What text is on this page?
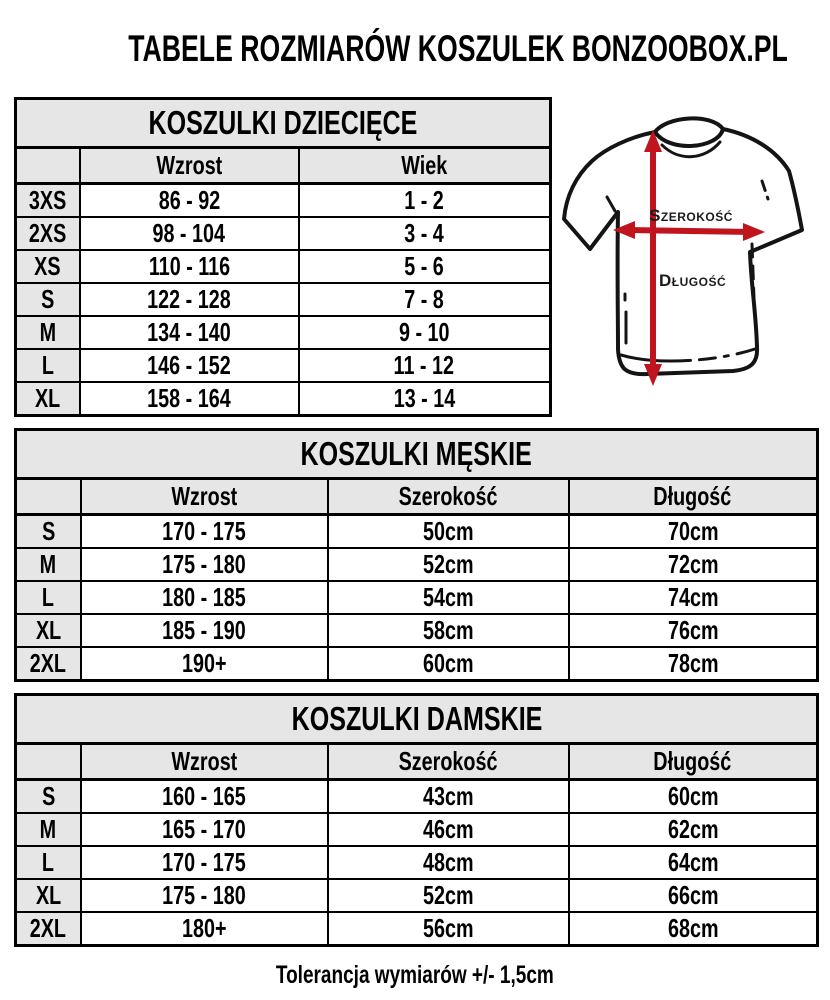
TABELE ROZMIARÓW KOSZULEK BONZOOBOX.PL
KOSZULKI DZIECIĘCE		
	Wzrost	Wiek
3XS	86 - 92	1 - 2
2XS	98 - 104	3 - 4
XS	110 - 116	5 - 6
S	122 - 128	7 - 8
M	134 - 140	9 - 10
L	146 - 152	11 - 12
XL	158 - 164	13 - 14
Szerokość
Długość
KOSZULKI MĘSKIE			
	Wzrost	Szerokość	Długość
S	170 - 175	50cm	70cm
M	175 - 180	52cm	72cm
L	180 - 185	54cm	74cm
XL	185 - 190	58cm	76cm
2XL	190+	60cm	78cm
KOSZULKI DAMSKIE			
	Wzrost	Szerokość	Długość
S	160 - 165	43cm	60cm
M	165 - 170	46cm	62cm
L	170 - 175	48cm	64cm
XL	175 - 180	52cm	66cm
2XL	180+	56cm	68cm
Tolerancja wymiarów +/- 1,5cm
